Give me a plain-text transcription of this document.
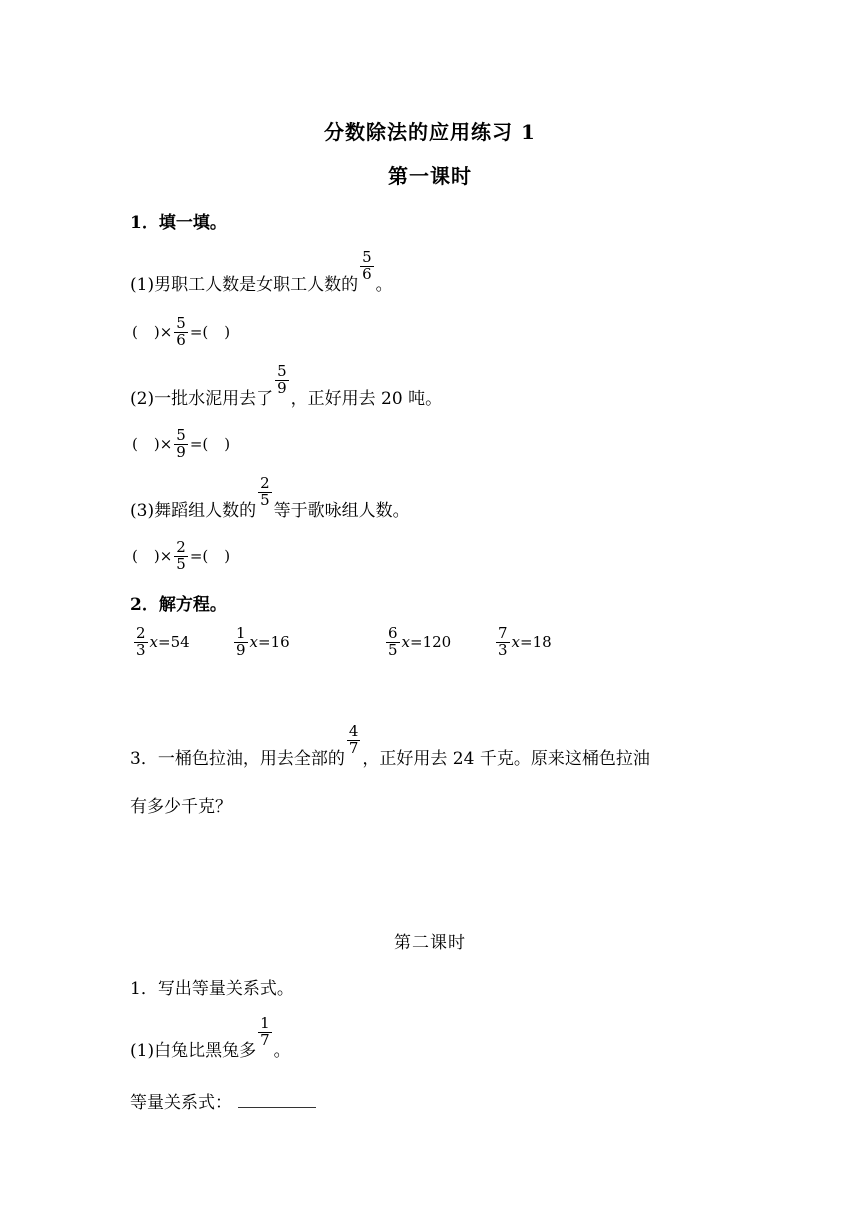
分数除法的应用练习 1
第一课时
1．填一填。
(1)男职工人数是女职工人数的
$\frac{5}{6}$
。
( ) × $\frac{5}{6}$ = ( )
(2)一批水泥用去了
$\frac{5}{9}$
，正好用去 20 吨。
( ) × $\frac{5}{9}$ = ( )
(3)舞蹈组人数的
$\frac{2}{5}$
等于歌咏组人数。
( ) × $\frac{2}{5}$ = ( )
2．解方程。
$\frac{2}{3}$ x = 54	$\frac{1}{9}$ x = 16	$\frac{6}{5}$ x = 120	$\frac{7}{3}$ x = 18
3．一桶色拉油，用去全部的
$\frac{4}{7}$
，正好用去 24 千克。原来这桶色拉油
有多少千克？
第二课时
1．写出等量关系式。
(1)白兔比黑兔多
$\frac{1}{7}$
。
等量关系式：
